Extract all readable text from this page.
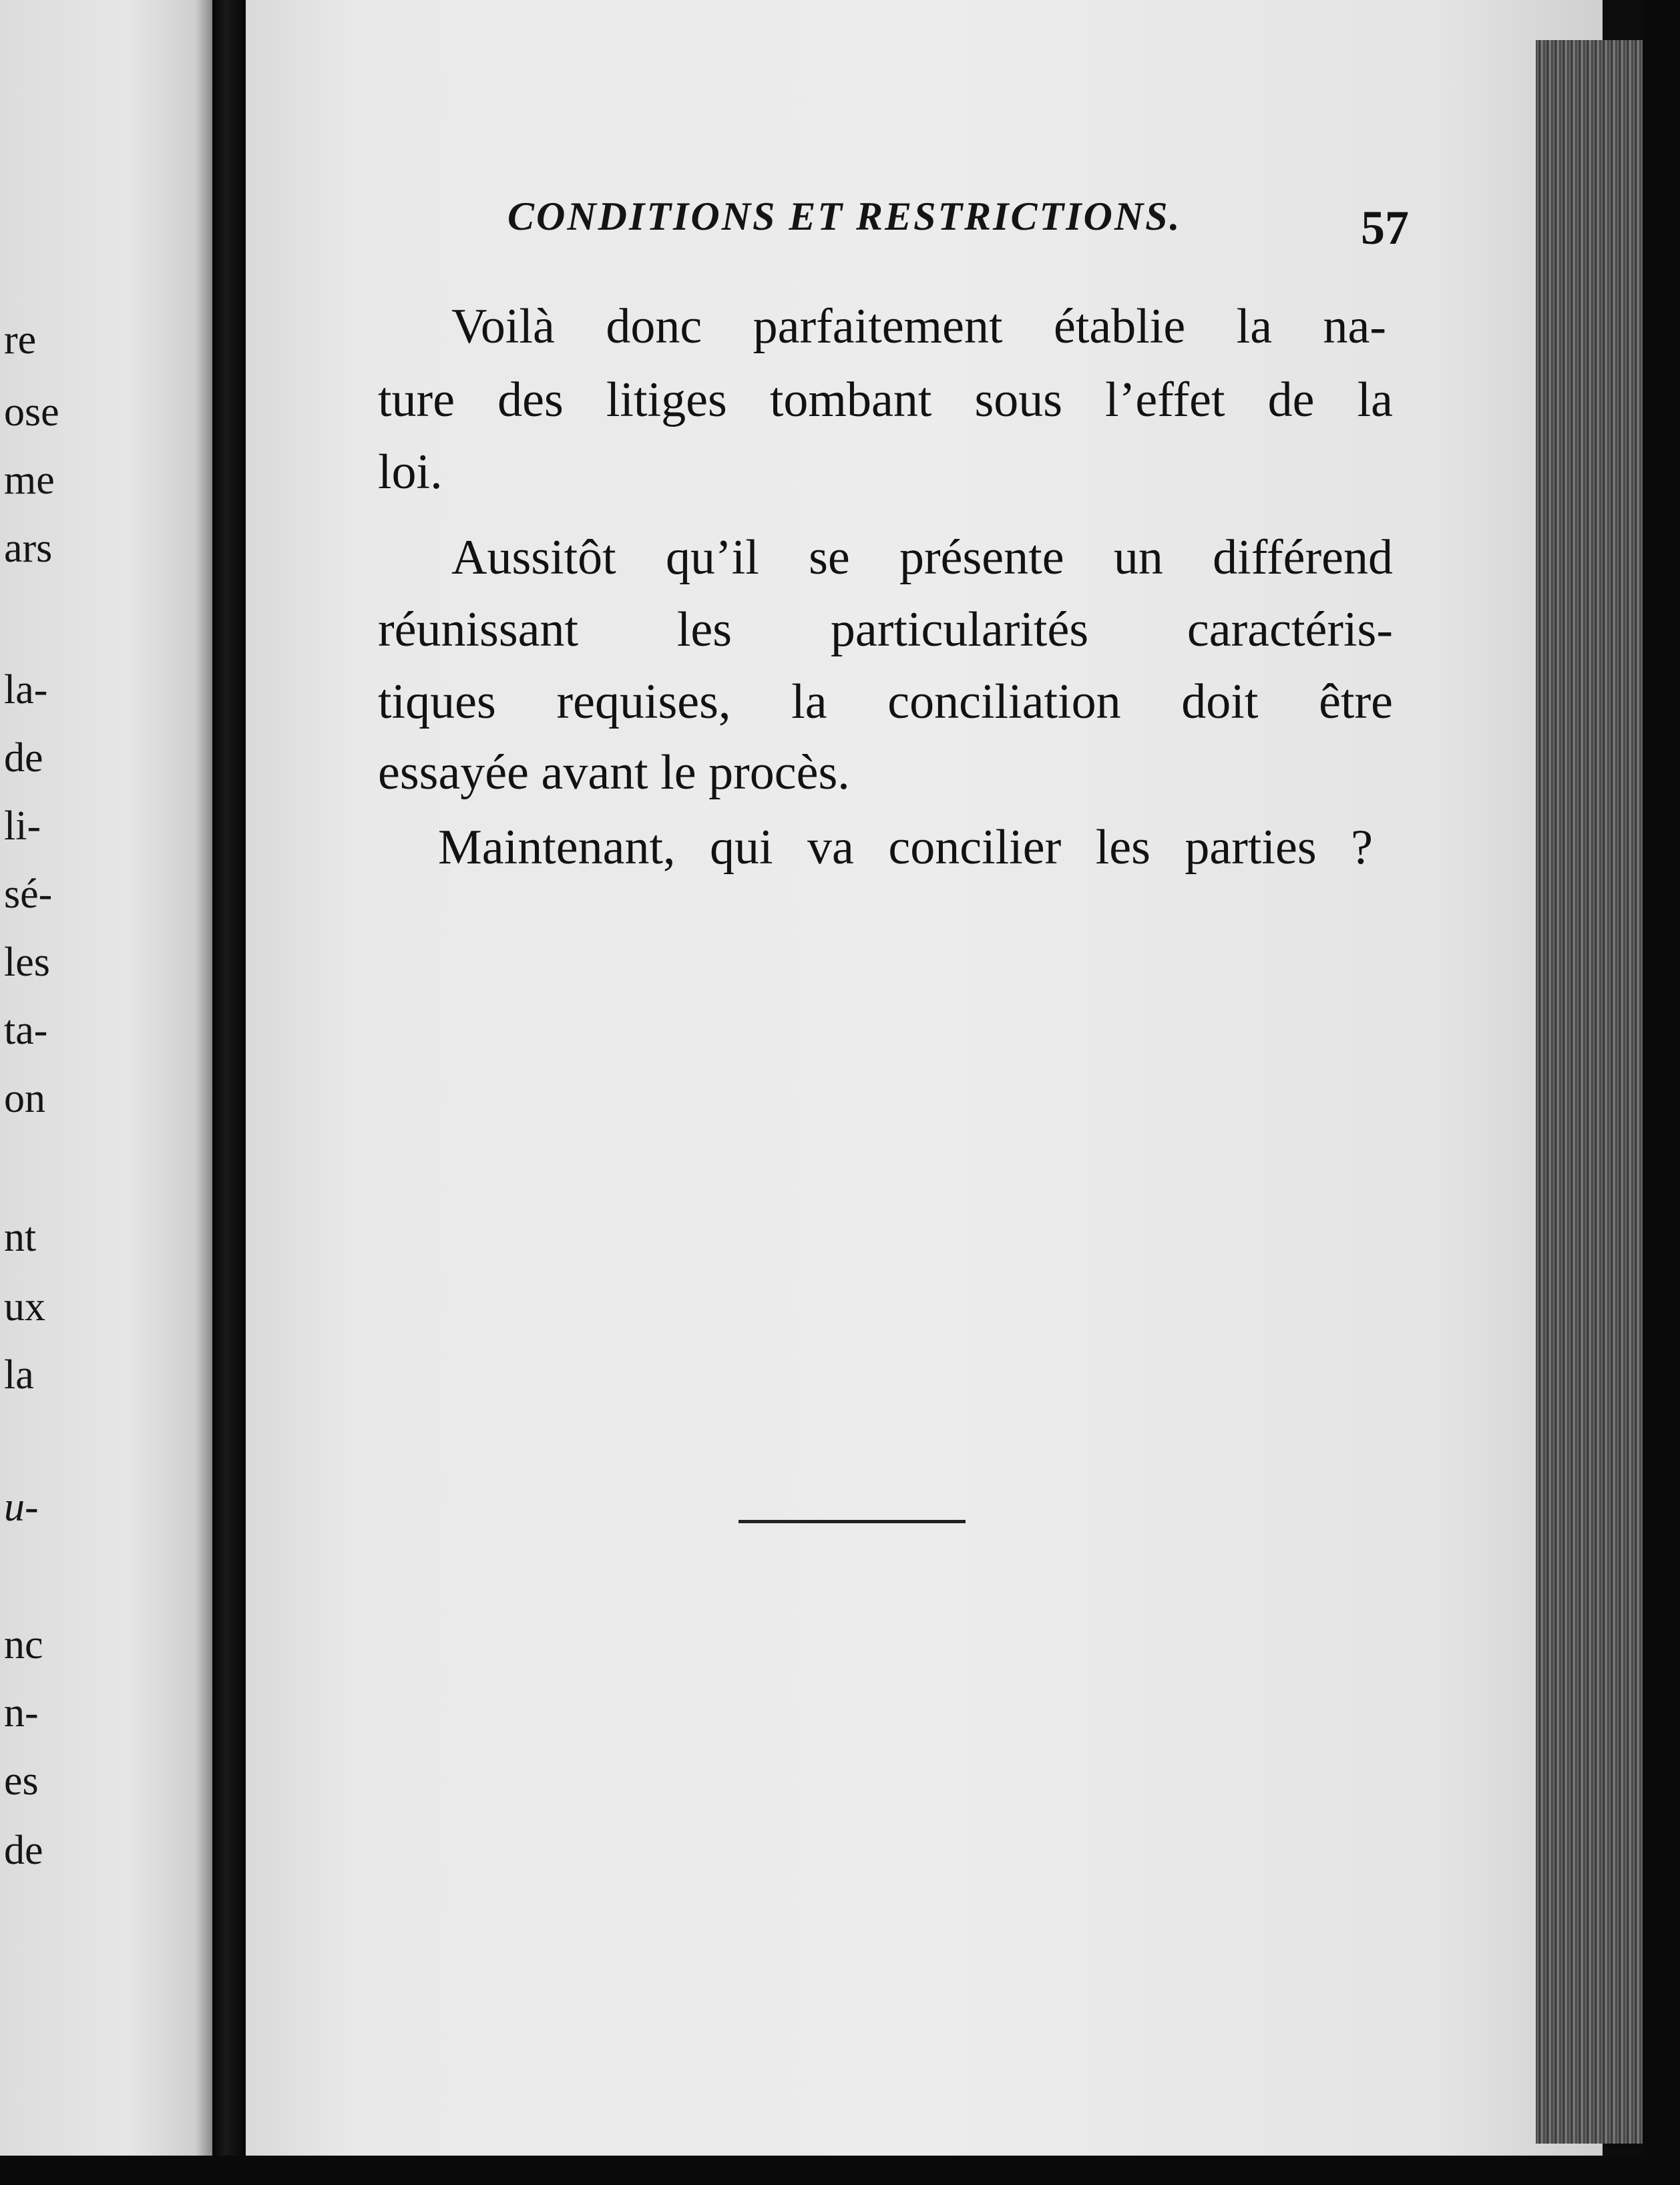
re
ose
me
ars
la-
de
li-
sé-
les
ta-
on
nt
ux
la
u-
nc
n-
es
de
CONDITIONS ET RESTRICTIONS.	57
Voilà donc parfaitement établie la na-
ture des litiges tombant sous l’effet de la
loi.
Aussitôt qu’il se présente un différend
réunissant les particularités caractéris-
tiques requises, la conciliation doit être
essayée avant le procès.
Maintenant, qui va concilier les parties ?
